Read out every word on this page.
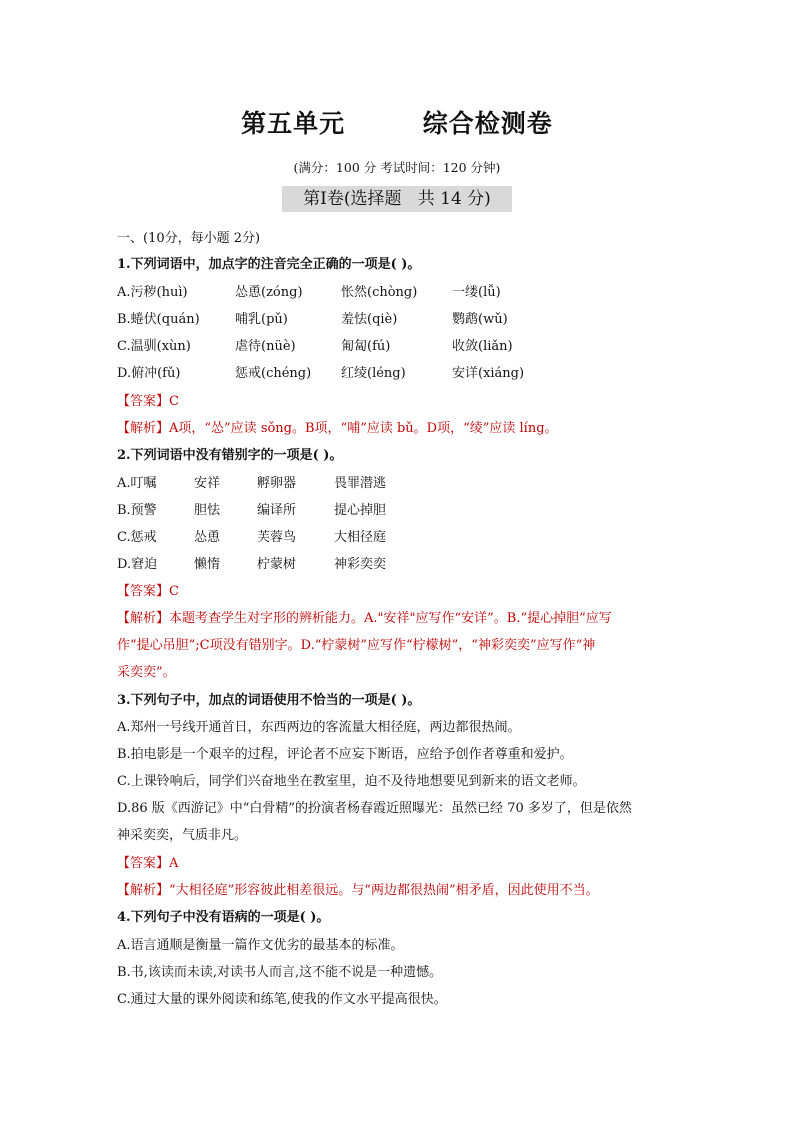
第五单元        综合检测卷
(满分：100 分 考试时间：120 分钟)
第Ⅰ卷(选择题   共 14 分)
一、(10分，每小题 2分)
1.下列词语中，加点字的注音完全正确的一项是( )。
A.污秽(huì)	怂恿(zóng)	怅然(chòng)	一缕(lǚ)
B.蜷伏(quán)	哺乳(pǔ)	羞怯(qiè)	鹦鹉(wǔ)
C.温驯(xùn)	虐待(nüè)	匍匐(fú)	收敛(liǎn)
D.俯冲(fǔ)	惩戒(chéng) 红绫(léng)	安详(xiáng)
【答案】C
【解析】A项，“怂”应读 sǒng。B项，“哺”应读 bǔ。D项，“绫”应读 líng。
2.下列词语中没有错别字的一项是( )。
A.叮嘱	安祥	孵卵器	畏罪潜逃
B.预警	胆怯	编译所	提心掉胆
C.惩戒	怂恿	芙蓉鸟	大相径庭
D.窘迫	懒惰	柠蒙树	神彩奕奕
【答案】C
【解析】本题考查学生对字形的辨析能力。A."安祥"应写作“安详”。B.“提心掉胆”应写
作“提心吊胆”;C项没有错别字。D.“柠蒙树”应写作“柠檬树”，“神彩奕奕”应写作“神
采奕奕”。
3.下列句子中，加点的词语使用不恰当的一项是( )。
A.郑州一号线开通首日，东西两边的客流量大相径庭，两边都很热闹。
B.拍电影是一个艰辛的过程，评论者不应妄下断语，应给予创作者尊重和爱护。
C.上课铃响后，同学们兴奋地坐在教室里，迫不及待地想要见到新来的语文老师。
D.86 版《西游记》中“白骨精”的扮演者杨春霞近照曝光：虽然已经 70 多岁了，但是依然
神采奕奕，气质非凡。
【答案】A
【解析】“大相径庭”形容彼此相差很远。与“两边都很热闹”相矛盾，因此使用不当。
4.下列句子中没有语病的一项是( )。
A.语言通顺是衡量一篇作文优劣的最基本的标准。
B.书,该读而未读,对读书人而言,这不能不说是一种遗憾。
C.通过大量的课外阅读和练笔,使我的作文水平提高很快。
